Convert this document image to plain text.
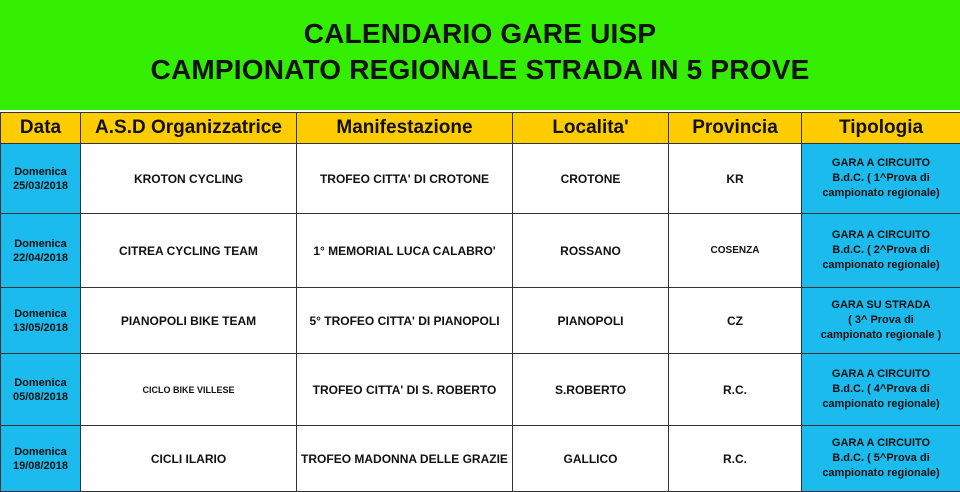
CALENDARIO GARE UISP
CAMPIONATO REGIONALE STRADA IN 5 PROVE
Data	A.S.D Organizzatrice	Manifestazione	Localita'	Provincia	Tipologia

Domenica
25/03/2018	KROTON CYCLING	TROFEO CITTA' DI CROTONE	CROTONE	KR	GARA A CIRCUITO
B.d.C. ( 1^Prova di
campionato regionale)

Domenica
22/04/2018	CITREA CYCLING TEAM	1° MEMORIAL LUCA CALABRO'	ROSSANO	COSENZA	GARA A CIRCUITO
B.d.C. ( 2^Prova di
campionato regionale)

Domenica
13/05/2018	PIANOPOLI BIKE TEAM	5° TROFEO CITTA' DI PIANOPOLI	PIANOPOLI	CZ	GARA SU STRADA
( 3^ Prova di
campionato regionale )

Domenica
05/08/2018	CICLO BIKE VILLESE	TROFEO CITTA' DI S. ROBERTO	S.ROBERTO	R.C.	GARA A CIRCUITO
B.d.C. ( 4^Prova di
campionato regionale)

Domenica
19/08/2018	CICLI ILARIO	TROFEO MADONNA DELLE GRAZIE	GALLICO	R.C.	GARA A CIRCUITO
B.d.C. ( 5^Prova di
campionato regionale)
